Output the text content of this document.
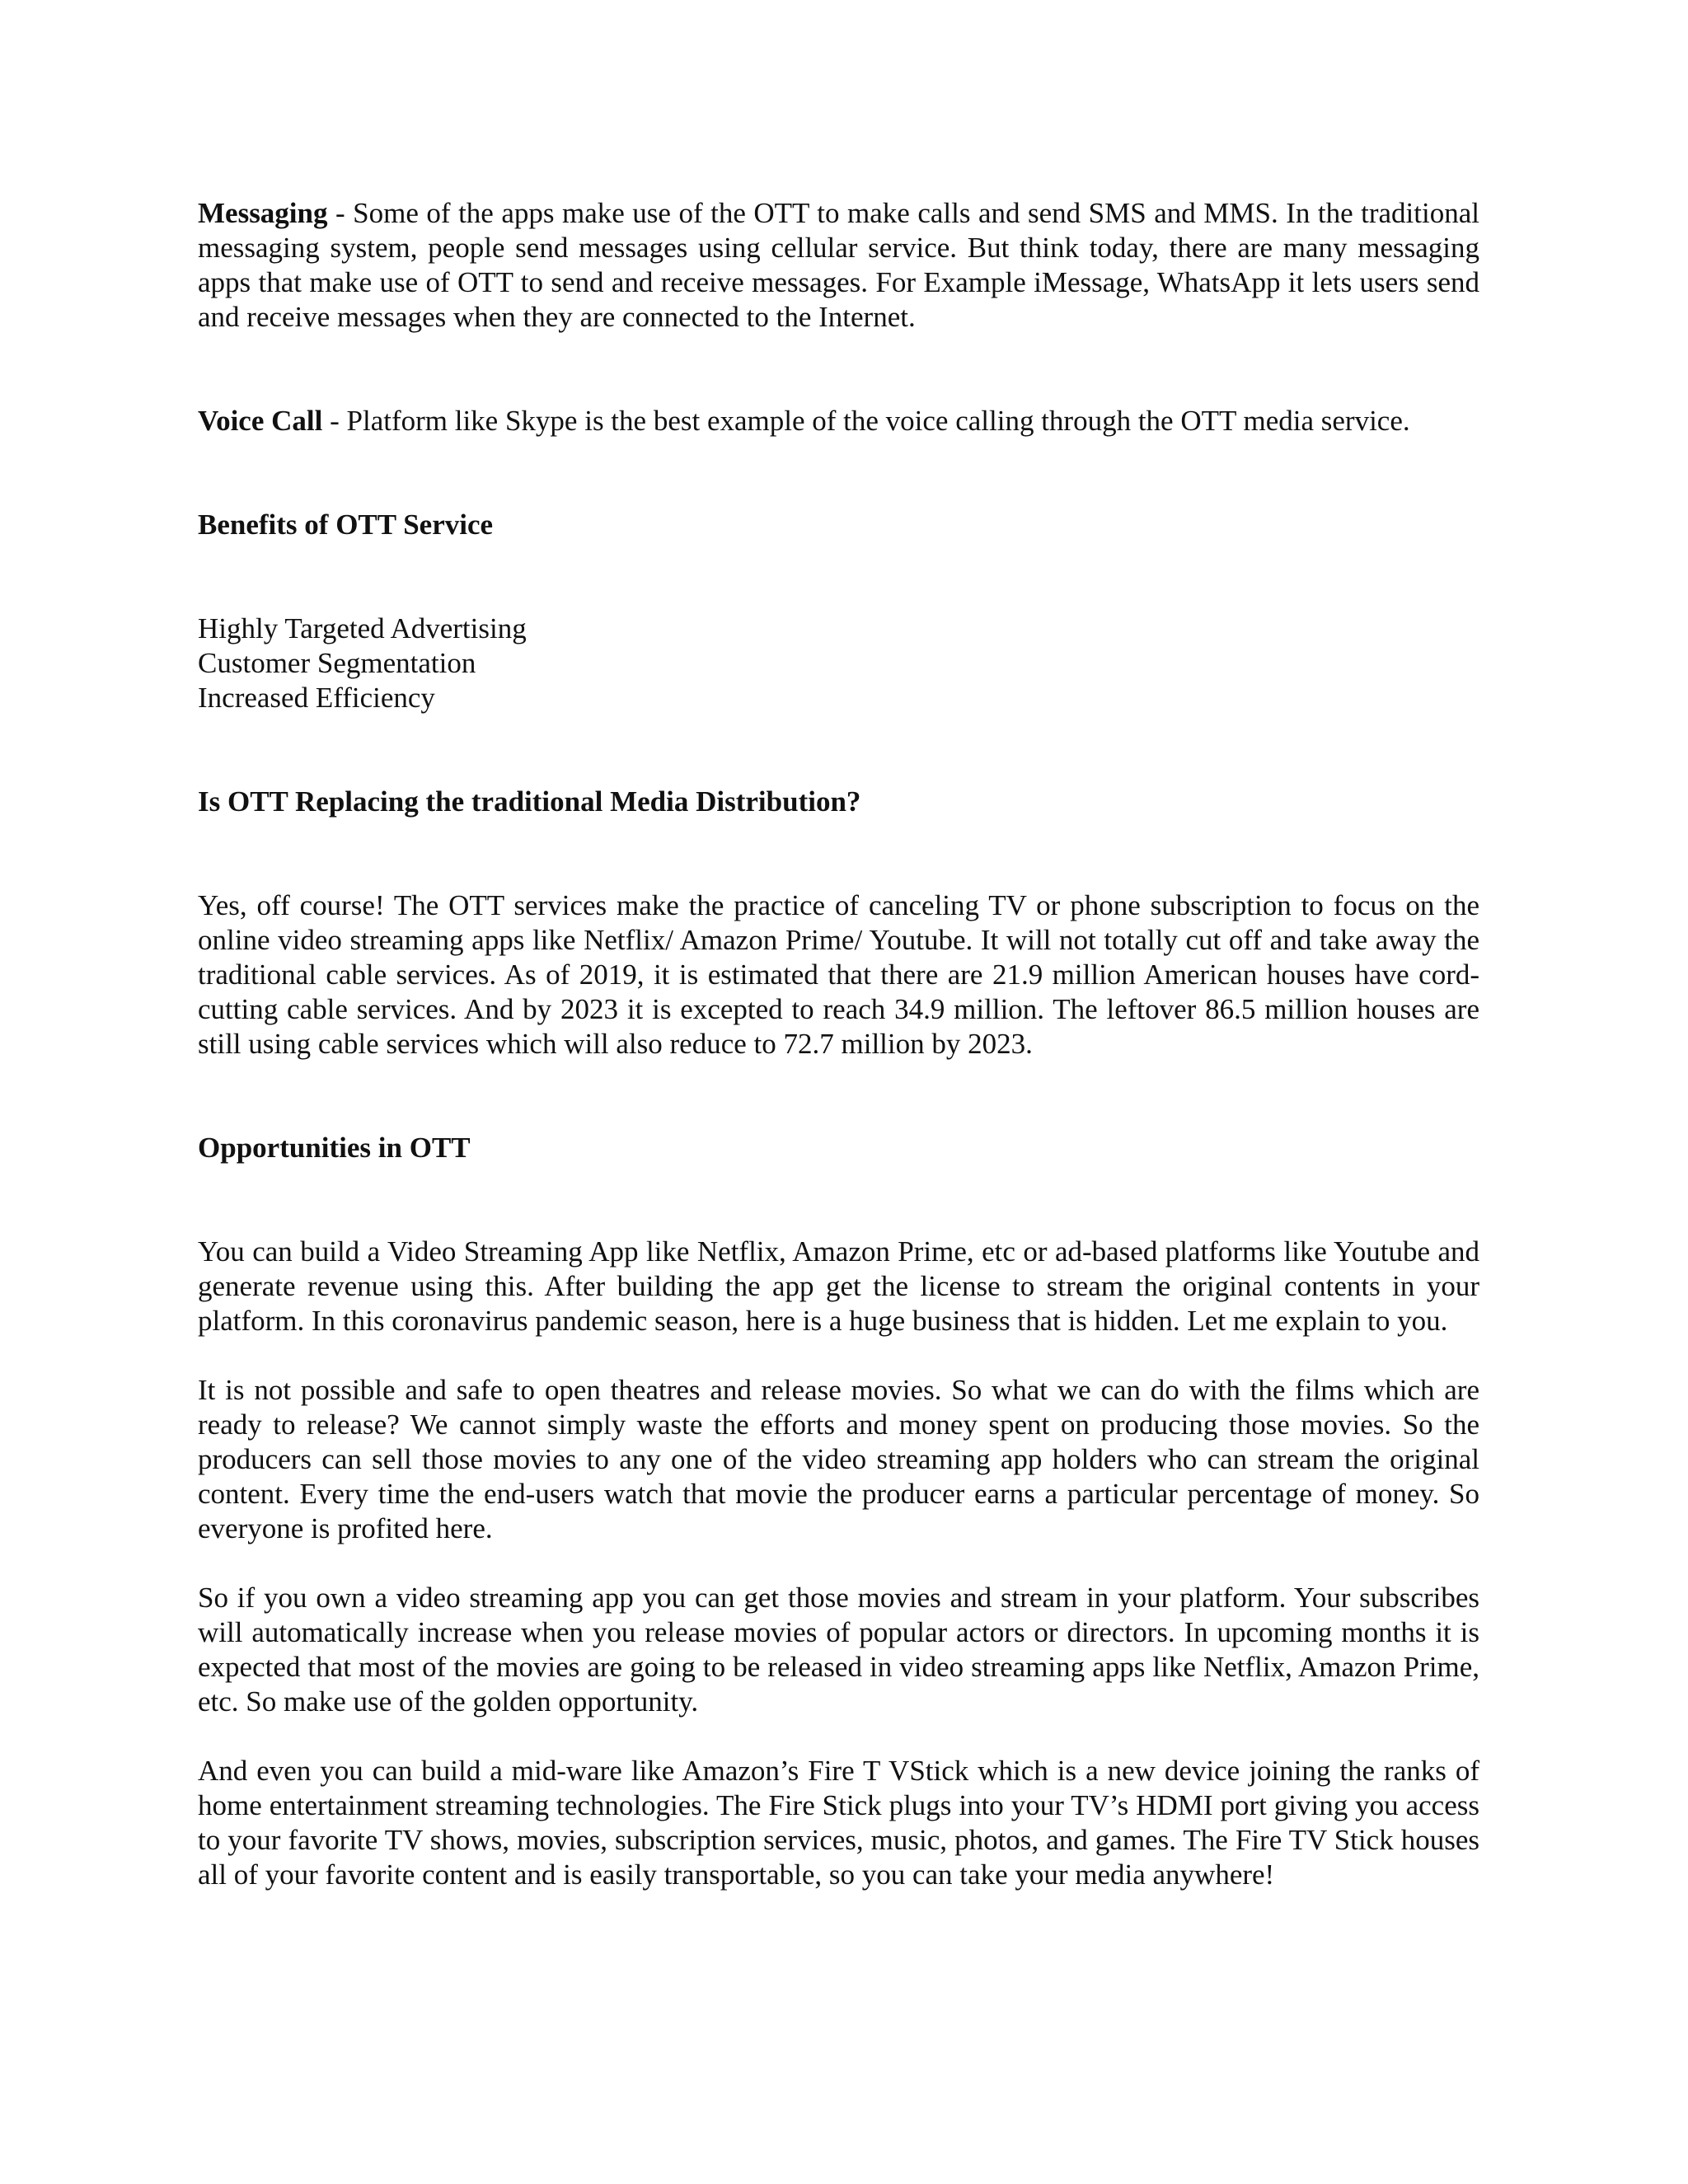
Messaging - Some of the apps make use of the OTT to make calls and send SMS and MMS. In the traditional messaging system, people send messages using cellular service. But think today, there are many messaging apps that make use of OTT to send and receive messages. For Example iMessage, WhatsApp it lets users send and receive messages when they are connected to the Internet.

Voice Call - Platform like Skype is the best example of the voice calling through the OTT media service.

Benefits of OTT Service

Highly Targeted Advertising
Customer Segmentation
Increased Efficiency

Is OTT Replacing the traditional Media Distribution?

Yes, off course! The OTT services make the practice of canceling TV or phone subscription to focus on the online video streaming apps like Netflix/ Amazon Prime/ Youtube. It will not totally cut off and take away the traditional cable services. As of 2019, it is estimated that there are 21.9 million American houses have cord-cutting cable services. And by 2023 it is excepted to reach 34.9 million. The leftover 86.5 million houses are still using cable services which will also reduce to 72.7 million by 2023.

Opportunities in OTT

You can build a Video Streaming App like Netflix, Amazon Prime, etc or ad-based platforms like Youtube and generate revenue using this. After building the app get the license to stream the original contents in your platform. In this coronavirus pandemic season, here is a huge business that is hidden. Let me explain to you.

It is not possible and safe to open theatres and release movies. So what we can do with the films which are ready to release? We cannot simply waste the efforts and money spent on producing those movies. So the producers can sell those movies to any one of the video streaming app holders who can stream the original content. Every time the end-users watch that movie the producer earns a particular percentage of money. So everyone is profited here.

So if you own a video streaming app you can get those movies and stream in your platform. Your subscribes will automatically increase when you release movies of popular actors or directors. In upcoming months it is expected that most of the movies are going to be released in video streaming apps like Netflix, Amazon Prime, etc. So make use of the golden opportunity.

And even you can build a mid-ware like Amazon’s Fire T VStick which is a new device joining the ranks of home entertainment streaming technologies. The Fire Stick plugs into your TV’s HDMI port giving you access to your favorite TV shows, movies, subscription services, music, photos, and games. The Fire TV Stick houses all of your favorite content and is easily transportable, so you can take your media anywhere!
